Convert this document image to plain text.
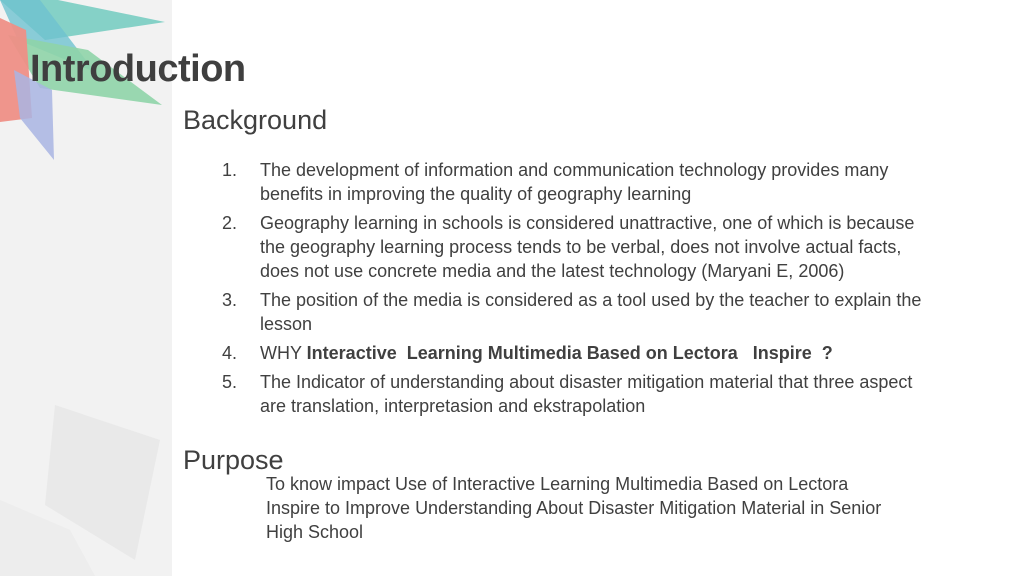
Introduction
Background
1. The development of information and communication technology provides many benefits in improving the quality of geography learning
2. Geography learning in schools is considered unattractive, one of which is because the geography learning process tends to be verbal, does not involve actual facts, does not use concrete media and the latest technology (Maryani E, 2006)
3. The position of the media is considered as a tool used by the teacher to explain the lesson
4. WHY Interactive  Learning Multimedia Based on Lectora   Inspire  ?
5. The Indicator of understanding about disaster mitigation material that three aspect are translation, interpretasion and ekstrapolation
Purpose

To know impact Use of Interactive Learning Multimedia Based on Lectora Inspire to Improve Understanding About Disaster Mitigation Material in Senior High School
